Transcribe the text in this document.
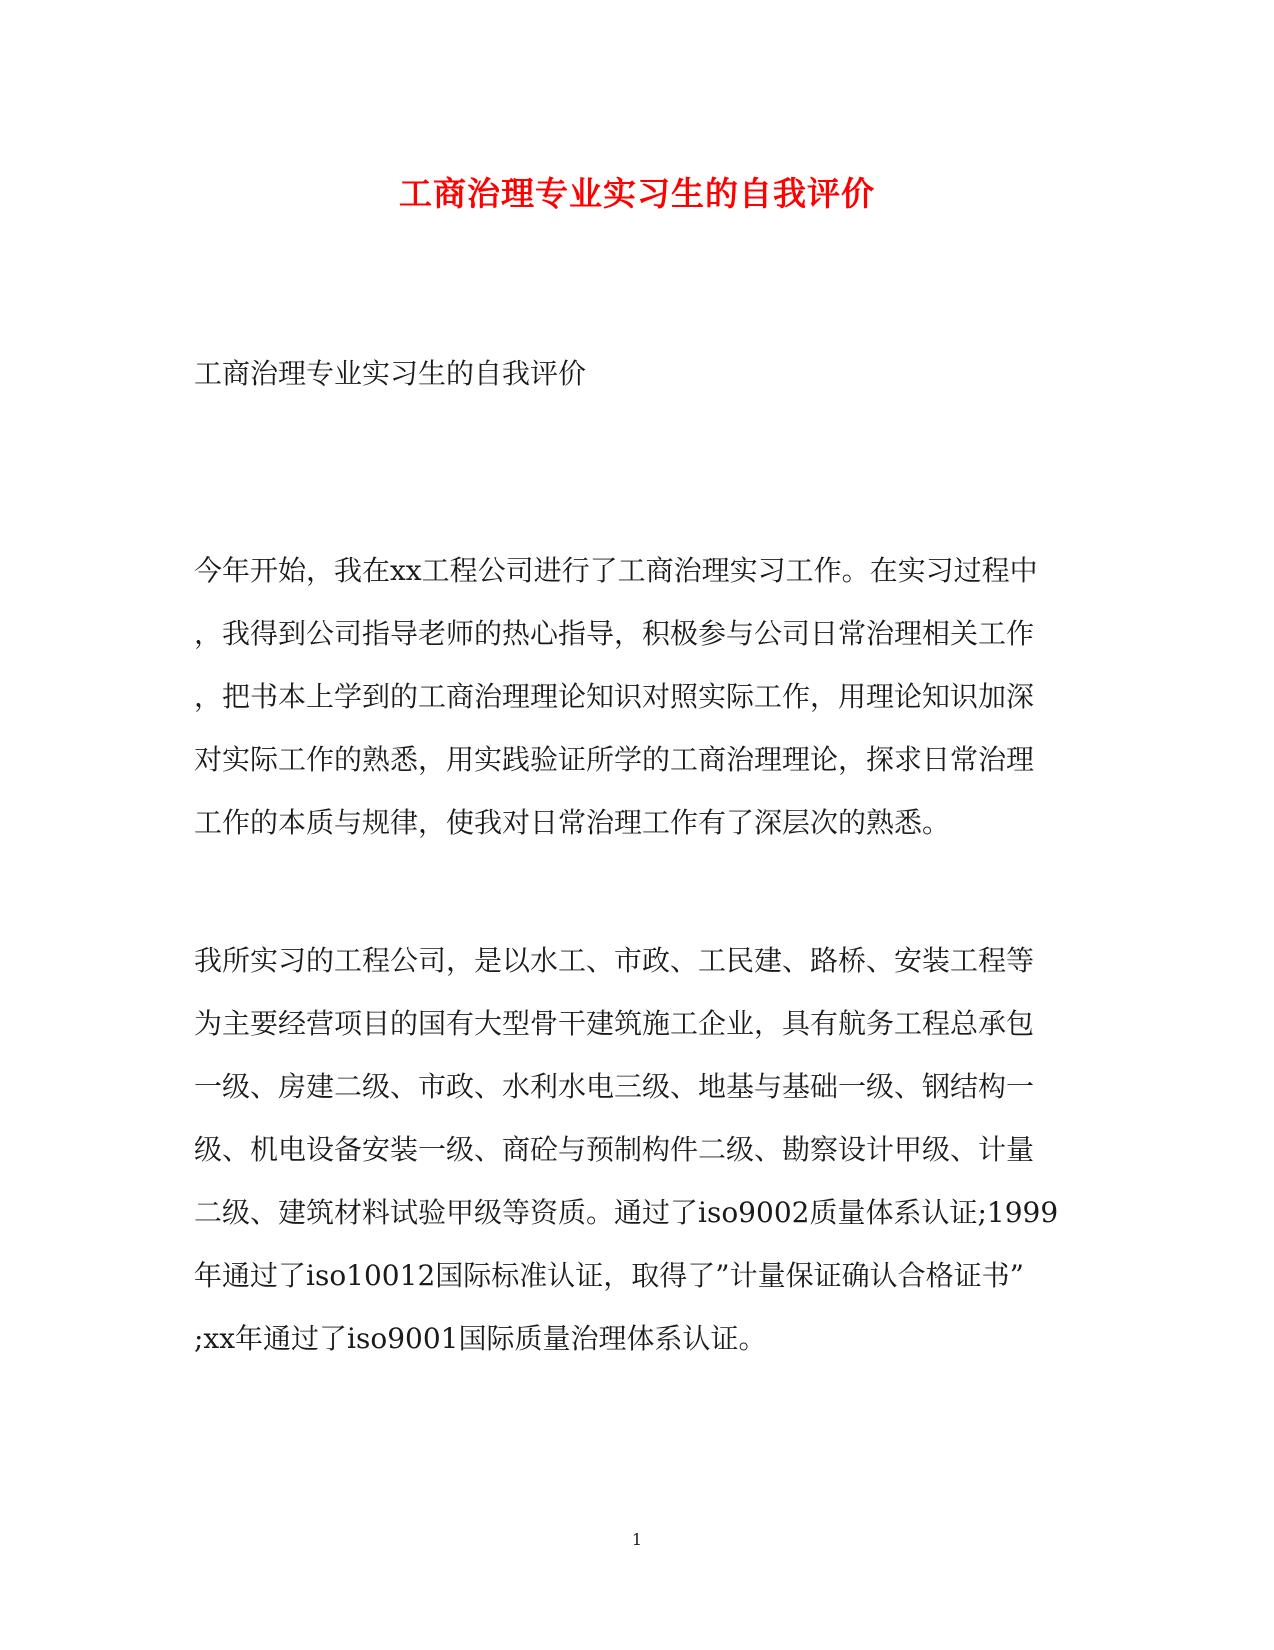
工商治理专业实习生的自我评价

工商治理专业实习生的自我评价

今年开始，我在xx工程公司进行了工商治理实习工作。在实习过程中
，我得到公司指导老师的热心指导，积极参与公司日常治理相关工作
，把书本上学到的工商治理理论知识对照实际工作，用理论知识加深
对实际工作的熟悉，用实践验证所学的工商治理理论，探求日常治理
工作的本质与规律，使我对日常治理工作有了深层次的熟悉。
我所实习的工程公司，是以水工、市政、工民建、路桥、安装工程等
为主要经营项目的国有大型骨干建筑施工企业，具有航务工程总承包
一级、房建二级、市政、水利水电三级、地基与基础一级、钢结构一
级、机电设备安装一级、商砼与预制构件二级、勘察设计甲级、计量
二级、建筑材料试验甲级等资质。通过了iso9002质量体系认证;1999
年通过了iso10012国际标准认证，取得了”计量保证确认合格证书”
;xx年通过了iso9001国际质量治理体系认证。

1
